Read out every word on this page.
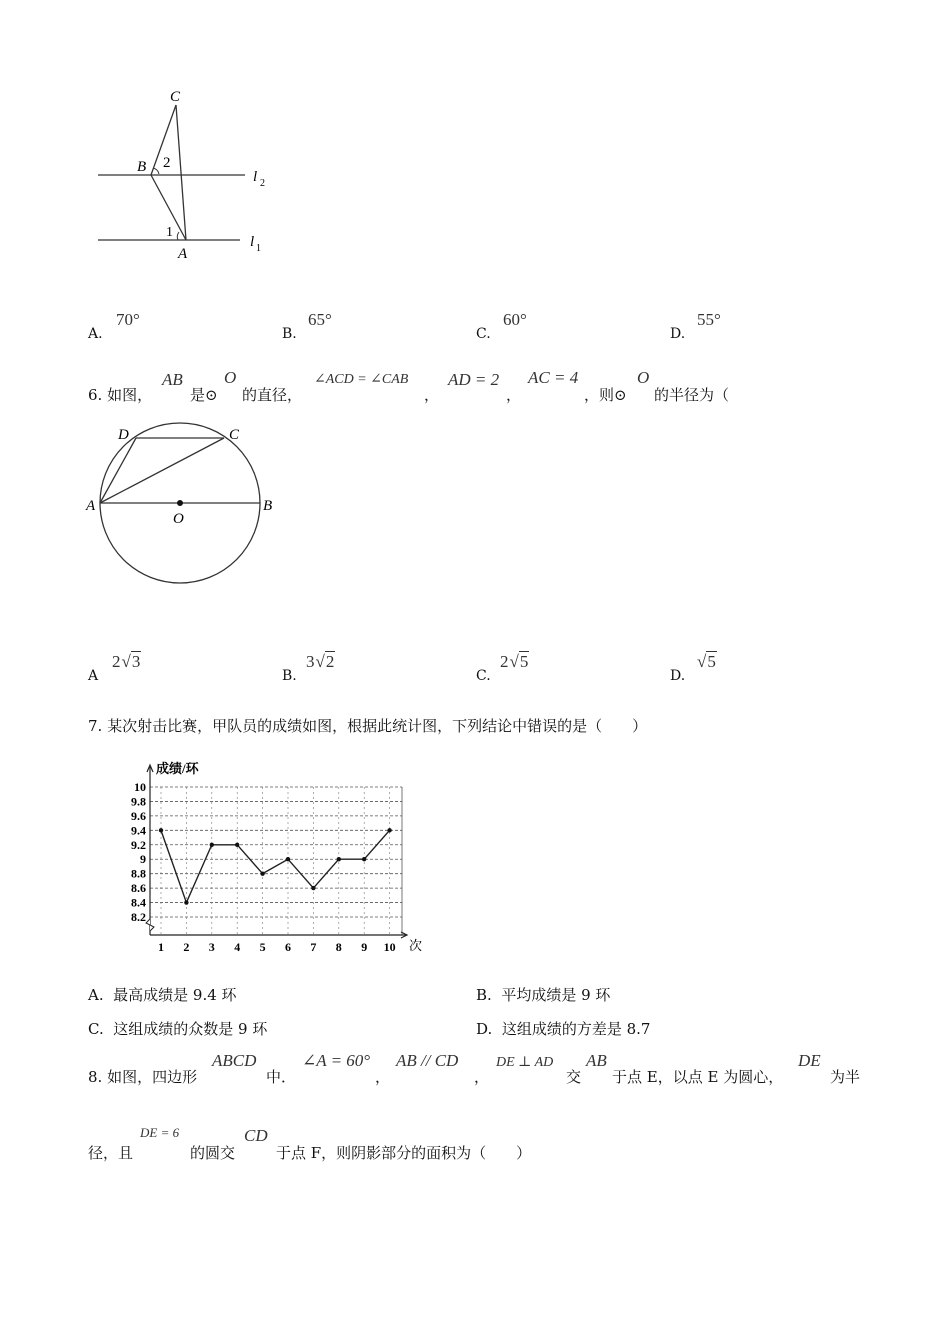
C
B 2
1
A
l 2
l 1
A.
70°
B.
65°
C.
60°
D.
55°
6. 如图，
AB
是⊙
O
的直径，
∠ACD = ∠CAB
，
AD = 2
，
AC = 4
，则⊙
O
的半径为（
D	C
A	B
O
A
2√3
B.
3√2
C.
2√5
D.
√5
7. 某次射击比赛，甲队员的成绩如图，根据此统计图，下列结论中错误的是（　　）
8.2
8.4
8.6
8.8
9
9.2
9.4
9.6
9.8
10
1 2 3 4 5 6 7 8 9 10
成绩/环
次
A. 最高成绩是 9.4 环	B. 平均成绩是 9 环
C. 这组成绩的众数是 9 环	D. 这组成绩的方差是 8.7
8. 如图，四边形
ABCD
中．
∠A = 60°
，
AB // CD
，
DE ⊥ AD
交
AB
于点 E，以点 E 为圆心，
DE
为半
径，且
DE = 6
的圆交
CD
于点 F，则阴影部分的面积为（　　）
